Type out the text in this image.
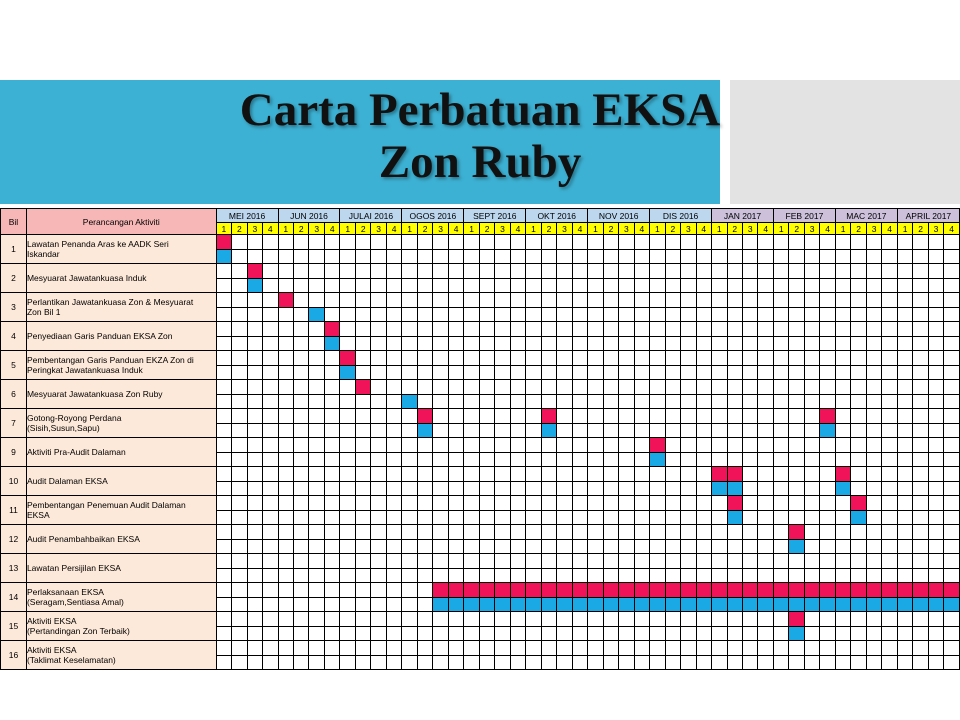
Carta Perbatuan EKSA
Zon Ruby
Bil	Perancangan Aktiviti	MEI 2016				JUN 2016				JULAI 2016				OGOS 2016				SEPT 2016				OKT 2016				NOV 2016				DIS 2016				JAN 2017				FEB 2017				MAC 2017				APRIL 2017			
		1	2	3	4	1	2	3	4	1	2	3	4	1	2	3	4	1	2	3	4	1	2	3	4	1	2	3	4	1	2	3	4	1	2	3	4	1	2	3	4	1	2	3	4	1	2	3	4
1	Lawatan Penanda Aras ke AADK Seri
Iskandar																																																

2	Mesyuarat Jawatankuasa Induk																																																

3	Perlantikan Jawatankuasa Zon & Mesyuarat
Zon Bil 1																																																

4	Penyediaan Garis Panduan EKSA Zon																																																

5	Pembentangan Garis Panduan EKZA Zon di
Peringkat Jawatankuasa Induk																																																

6	Mesyuarat Jawatankuasa Zon Ruby																																																

7	Gotong-Royong Perdana
(Sisih,Susun,Sapu)																																																

9	Aktiviti Pra-Audit Dalaman																																																

10	Audit Dalaman EKSA																																																

11	Pembentangan Penemuan Audit Dalaman
EKSA																																																

12	Audit Penambahbaikan EKSA																																																

13	Lawatan Persijilan EKSA																																																

14	Perlaksanaan EKSA
(Seragam,Sentiasa Amal)																																																

15	Aktiviti EKSA
(Pertandingan Zon Terbaik)																																																

16	Aktiviti EKSA
(Taklimat Keselamatan)																																																
